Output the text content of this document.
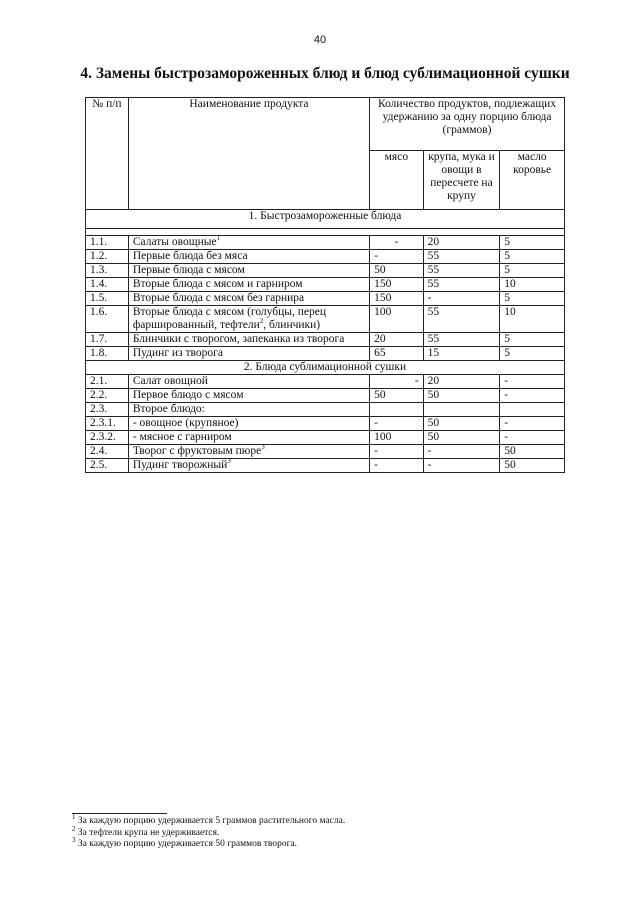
40
4. Замены быстрозамороженных блюд и блюд сублимационной сушки
№ п/п	Наименование продукта	Количество продуктов, подлежащих удержанию за одну порцию блюда (граммов)		
		мясо	крупа, мука и овощи в пересчете на крупу	масло коровье
1. Быстрозамороженные блюда				

1.1.	Салаты овощные$^1$	-	20	5
1.2.	Первые блюда без мяса	-	55	5
1.3.	Первые блюда с мясом	50	55	5
1.4.	Вторые блюда с мясом и гарниром	150	55	10
1.5.	Вторые блюда с мясом без гарнира	150	-	5
1.6.	Вторые блюда с мясом (голубцы, перец фаршированный, тефтели$^2$, блинчики)	100	55	10
1.7.	Блинчики с творогом, запеканка из творога	20	55	5
1.8.	Пудинг из творога	65	15	5
2. Блюда сублимационной сушки				
2.1.	Салат овощной	-	20	-
2.2.	Первое блюдо с мясом	50	50	-
2.3.	Второе блюдо:			
2.3.1.	- овощное (крупяное)	-	50	-
2.3.2.	- мясное с гарниром	100	50	-
2.4.	Творог с фруктовым пюре$^3$	-	-	50
2.5.	Пудинг творожный$^3$	-	-	50
$^1$ За каждую порцию удерживается 5 граммов растительного масла.
$^2$ За тефтели крупа не удерживается.
$^3$ За каждую порцию удерживается 50 граммов творога.
